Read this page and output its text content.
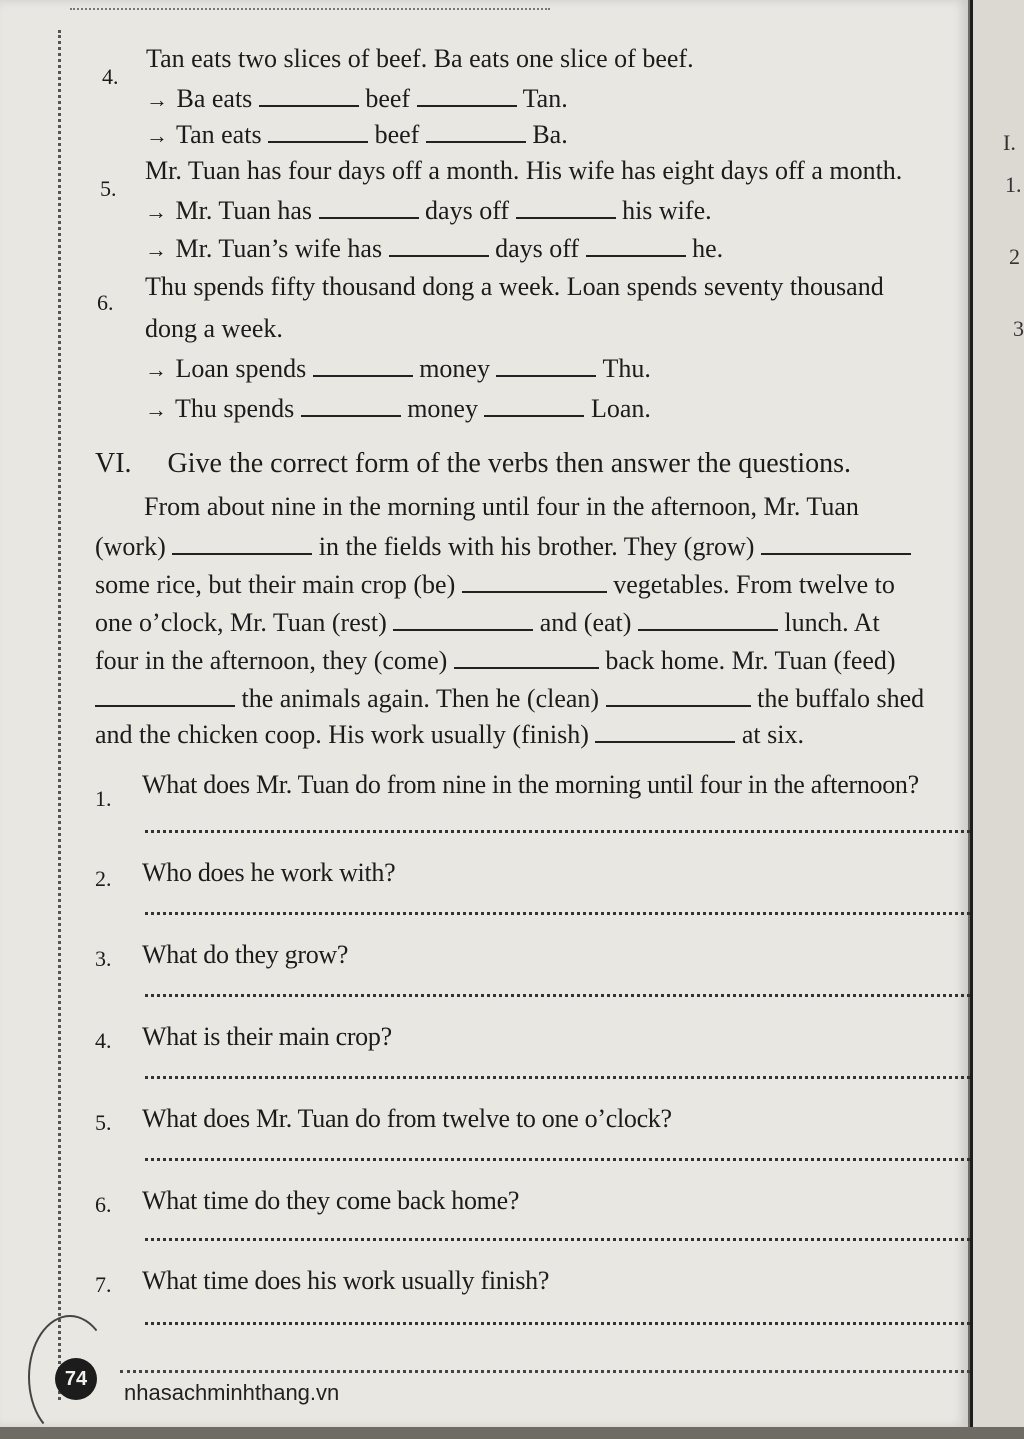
4.
Tan eats two slices of beef. Ba eats one slice of beef.
→ Ba eats	beef	Tan.
→ Tan eats	beef	Ba.
5.
Mr. Tuan has four days off a month. His wife has eight days off a month.
→ Mr. Tuan has	days off	his wife.
→ Mr. Tuan’s wife has	days off	he.
6.
Thu spends fifty thousand dong a week. Loan spends seventy thousand
dong a week.
→ Loan spends	money	Thu.
→ Thu spends	money	Loan.
VI. Give the correct form of the verbs then answer the questions.
From about nine in the morning until four in the afternoon, Mr. Tuan
(work)	in the fields with his brother. They (grow)
some rice, but their main crop (be)	vegetables. From twelve to
one o’clock, Mr. Tuan (rest)	and (eat)	lunch. At
four in the afternoon, they (come)	back home. Mr. Tuan (feed)
the animals again. Then he (clean)	the buffalo shed
and the chicken coop. His work usually (finish)	at six.
1. What does Mr. Tuan do from nine in the morning until four in the afternoon?
2. Who does he work with?
3. What do they grow?
4. What is their main crop?
5. What does Mr. Tuan do from twelve to one o’clock?
6. What time do they come back home?
7. What time does his work usually finish?
74
nhasachminhthang.vn
I.
1.
2
3
